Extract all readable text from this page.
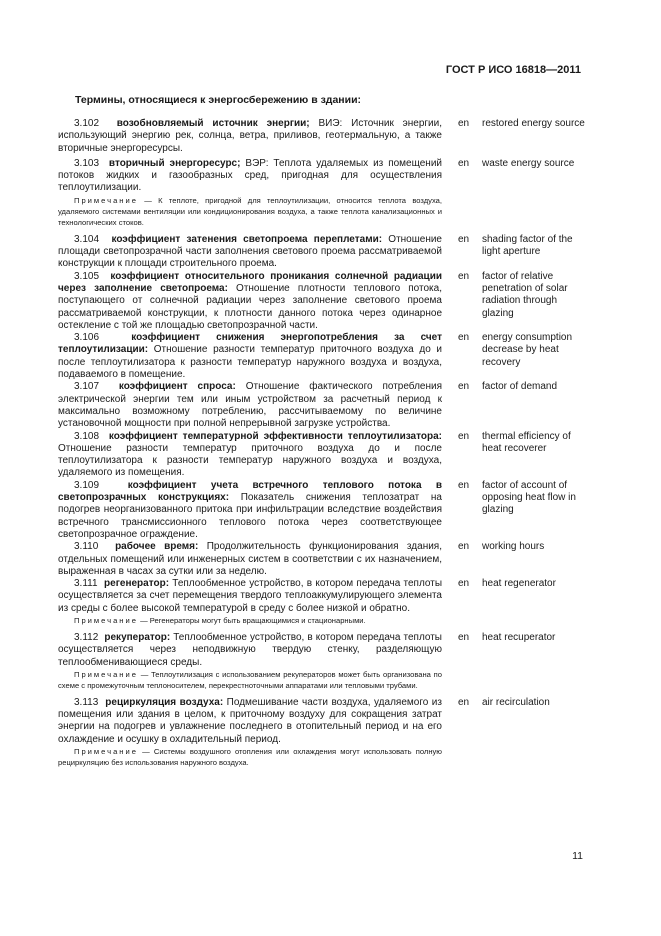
ГОСТ Р ИСО 16818—2011
Термины, относящиеся к энергосбережению в здании:
3.102 возобновляемый источник энергии; ВИЭ: Источник энергии, использующий энергию рек, солнца, ветра, приливов, геотермальную, а также вторичные энергоресурсы.
en	restored energy source
3.103 вторичный энергоресурс; ВЭР: Теплота удаляемых из помещений потоков жидких и газообразных сред, пригодная для осуществления теплоутилизации.
en	waste energy source
Примечание — К теплоте, пригодной для теплоутилизации, относится теплота воздуха, удаляемого системами вентиляции или кондиционирования воздуха, а также теплота канализационных и технологических стоков.
3.104 коэффициент затенения светопроема переплетами: Отношение площади светопрозрачной части заполнения светового проема рассматриваемой конструкции к площади строительного проема.
en	shading factor of the light aperture
3.105 коэффициент относительного проникания солнечной радиации через заполнение светопроема: Отношение плотности теплового потока, поступающего от солнечной радиации через заполнение светового проема рассматриваемой конструкции, к плотности данного потока через одинарное остекление с той же площадью светопрозрачной части.
en	factor of relative penetration of solar radiation through glazing
3.106	коэффициент снижения энергопотребления за счет теплоутилизации: Отношение разности температур приточного воздуха до и после теплоутилизатора к разности температур наружного воздуха и воздуха, подаваемого в помещение.
en	energy consumption decrease by heat recovery
3.107 коэффициент спроса: Отношение фактического потребления электрической энергии тем или иным устройством за расчетный период к максимально возможному потреблению, рассчитываемому по величине установочной мощности при полной непрерывной загрузке устройства.
en	factor of demand
3.108 коэффициент температурной эффективности теплоутилизатора: Отношение разности температур приточного воздуха до и после теплоутилизатора к разности температур наружного воздуха и воздуха, удаляемого из помещения.
en	thermal efficiency of heat recoverer
3.109	коэффициент учета встречного теплового потока в светопрозрачных конструкциях: Показатель снижения теплозатрат на подогрев неорганизованного притока при инфильтрации вследствие воздействия встречного трансмиссионного теплового потока через соответствующее светопрозрачное ограждение.
en	factor of account of opposing heat flow in glazing
3.110 рабочее время: Продолжительность функционирования здания, отдельных помещений или инженерных систем в соответствии с их назначением, выраженная в часах за сутки или за неделю.
en	working hours
3.111 регенератор: Теплообменное устройство, в котором передача теплоты осуществляется за счет перемещения твердого теплоаккумулирующего элемента из среды с более высокой температурой в среду с более низкой и обратно.
en	heat regenerator
Примечание — Регенераторы могут быть вращающимися и стационарными.
3.112 рекуператор: Теплообменное устройство, в котором передача теплоты осуществляется через неподвижную твердую стенку, разделяющую теплообменивающиеся среды.
en	heat recuperator
Примечание — Теплоутилизация с использованием рекуператоров может быть организована по схеме с промежуточным теплоносителем, перекрестноточными аппаратами или тепловыми трубами.
3.113 рециркуляция воздуха: Подмешивание части воздуха, удаляемого из помещения или здания в целом, к приточному воздуху для сокращения затрат энергии на подогрев и увлажнение последнего в отопительный период и на его охлаждение и осушку в охладительный период.
en	air recirculation
Примечание — Системы воздушного отопления или охлаждения могут использовать полную рециркуляцию без использования наружного воздуха.
11
